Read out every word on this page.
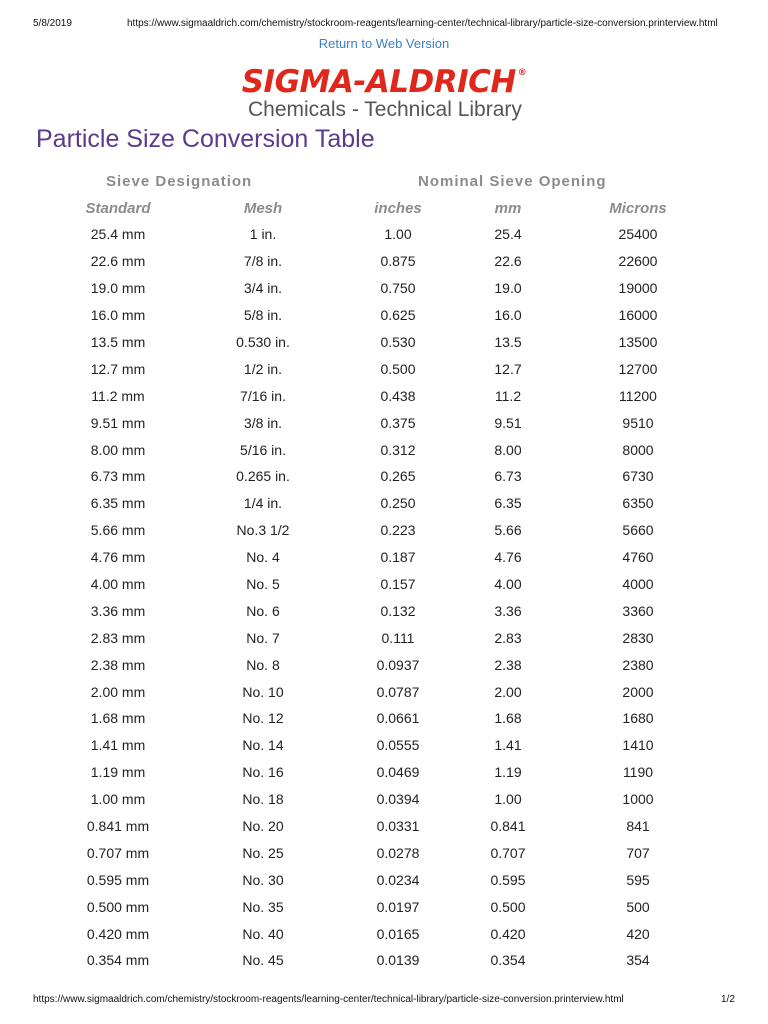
5/8/2019	https://www.sigmaaldrich.com/chemistry/stockroom-reagents/learning-center/technical-library/particle-size-conversion.printerview.html
Return to Web Version
SIGMA-ALDRICH ®
Chemicals - Technical Library
Particle Size Conversion Table
Sieve Designation	Nominal Sieve Opening
Standard	Mesh	inches	mm	Microns
25.4 mm	1 in.	1.00	25.4	25400
22.6 mm	7/8 in.	0.875	22.6	22600
19.0 mm	3/4 in.	0.750	19.0	19000
16.0 mm	5/8 in.	0.625	16.0	16000
13.5 mm	0.530 in.	0.530	13.5	13500
12.7 mm	1/2 in.	0.500	12.7	12700
11.2 mm	7/16 in.	0.438	11.2	11200
9.51 mm	3/8 in.	0.375	9.51	9510
8.00 mm	5/16 in.	0.312	8.00	8000
6.73 mm	0.265 in.	0.265	6.73	6730
6.35 mm	1/4 in.	0.250	6.35	6350
5.66 mm	No.3 1/2	0.223	5.66	5660
4.76 mm	No. 4	0.187	4.76	4760
4.00 mm	No. 5	0.157	4.00	4000
3.36 mm	No. 6	0.132	3.36	3360
2.83 mm	No. 7	0.111	2.83	2830
2.38 mm	No. 8	0.0937	2.38	2380
2.00 mm	No. 10	0.0787	2.00	2000
1.68 mm	No. 12	0.0661	1.68	1680
1.41 mm	No. 14	0.0555	1.41	1410
1.19 mm	No. 16	0.0469	1.19	1190
1.00 mm	No. 18	0.0394	1.00	1000
0.841 mm	No. 20	0.0331	0.841	841
0.707 mm	No. 25	0.0278	0.707	707
0.595 mm	No. 30	0.0234	0.595	595
0.500 mm	No. 35	0.0197	0.500	500
0.420 mm	No. 40	0.0165	0.420	420
0.354 mm	No. 45	0.0139	0.354	354
https://www.sigmaaldrich.com/chemistry/stockroom-reagents/learning-center/technical-library/particle-size-conversion.printerview.html	1/2
